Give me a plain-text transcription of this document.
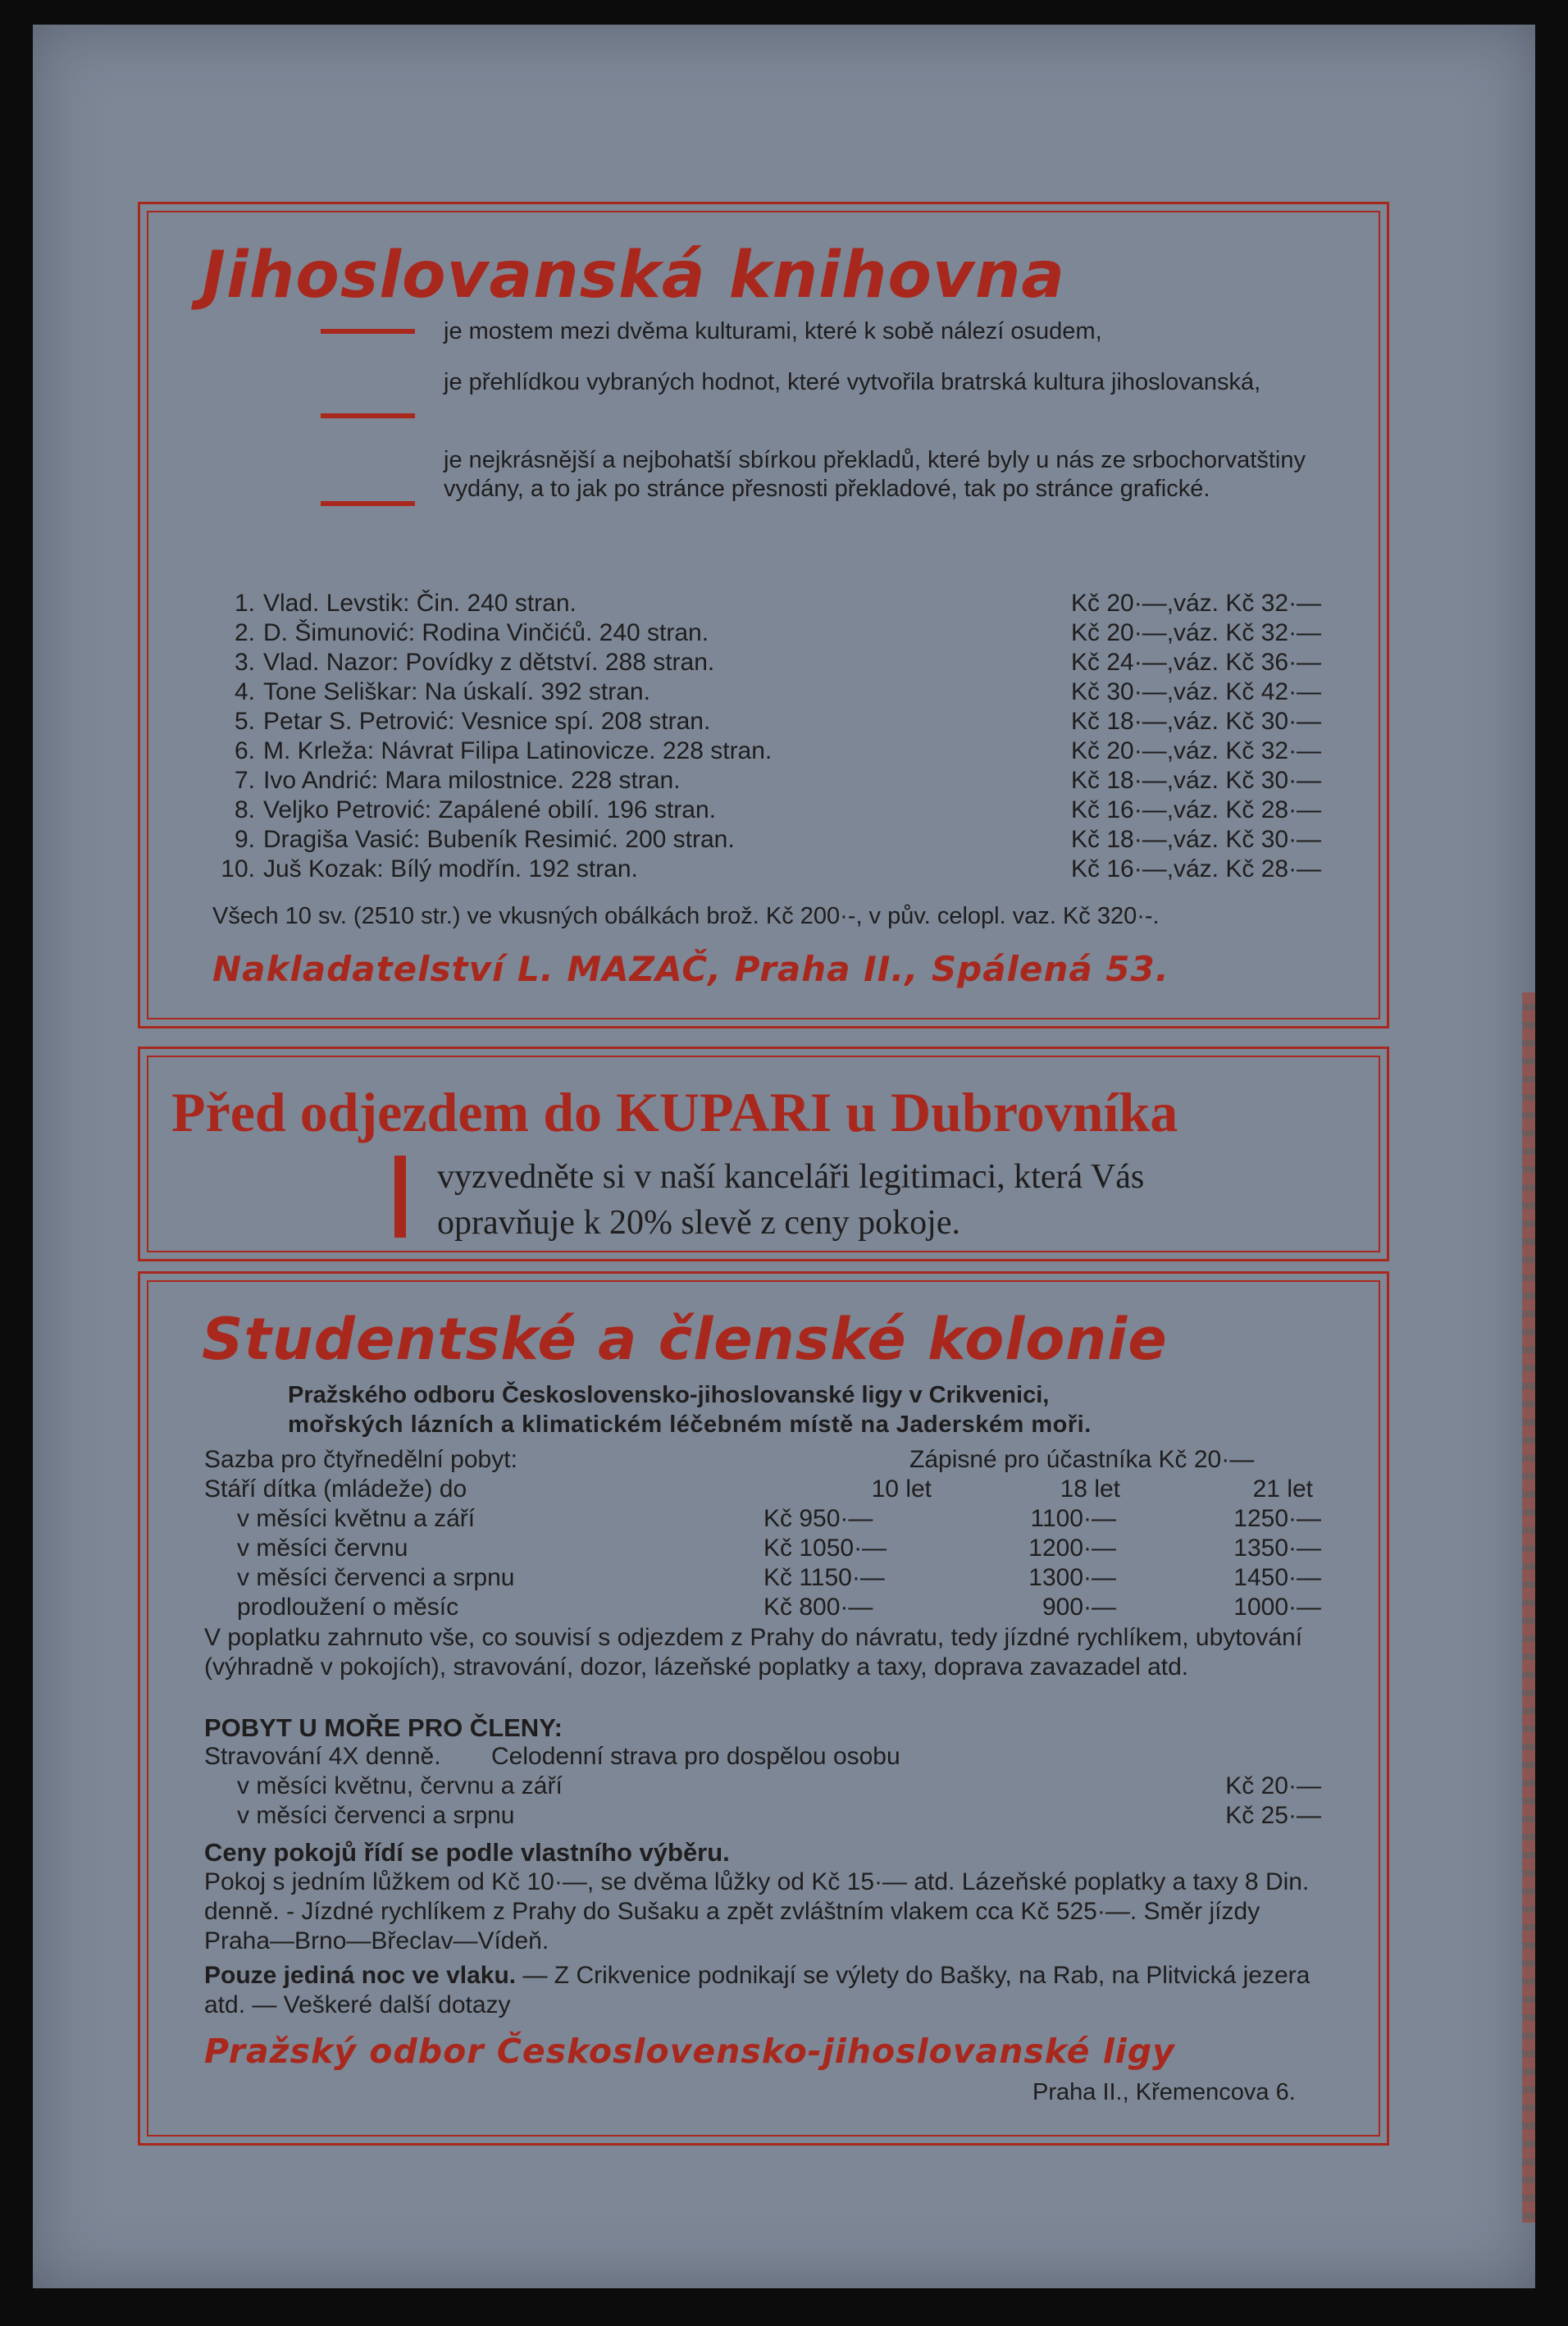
Jihoslovanská knihovna
je mostem mezi dvěma kulturami, které k sobě nálezí osudem,
je přehlídkou vybraných hodnot, které vytvořila bratrská kultura jihoslovanská,
je nejkrásnější a nejbohatší sbírkou překladů, které byly u nás ze srbochorvatštiny vydány, a to jak po stránce přesnosti překladové, tak po stránce grafické.
1. Vlad. Levstik: Čin. 240 stran.	Kč 20·—, váz. Kč 32·—
2. D. Šimunović: Rodina Vinčićů. 240 stran.	Kč 20·—, váz. Kč 32·—
3. Vlad. Nazor: Povídky z dětství. 288 stran.	Kč 24·—, váz. Kč 36·—
4. Tone Seliškar: Na úskalí. 392 stran.	Kč 30·—, váz. Kč 42·—
5. Petar S. Petrović: Vesnice spí. 208 stran.	Kč 18·—, váz. Kč 30·—
6. M. Krleža: Návrat Filipa Latinovicze. 228 stran.	Kč 20·—, váz. Kč 32·—
7. Ivo Andrić: Mara milostnice. 228 stran.	Kč 18·—, váz. Kč 30·—
8. Veljko Petrović: Zapálené obilí. 196 stran.	Kč 16·—, váz. Kč 28·—
9. Dragiša Vasić: Bubeník Resimić. 200 stran.	Kč 18·—, váz. Kč 30·—
10. Juš Kozak: Bílý modřín. 192 stran.	Kč 16·—, váz. Kč 28·—
Všech 10 sv. (2510 str.) ve vkusných obálkách brož. Kč 200·-, v pův. celopl. vaz. Kč 320·-.
Nakladatelství L. MAZAČ, Praha II., Spálená 53.
Před odjezdem do KUPARI u Dubrovníka
vyzvedněte si v naší kanceláři legitimaci, která Vás
opravňuje k 20% slevě z ceny pokoje.
Studentské a členské kolonie
Pražského odboru Československo-jihoslovanské ligy v Crikvenici,
mořských lázních a klimatickém léčebném místě na Jaderském moři.
Sazba pro čtyřnedělní pobyt:	Zápisné pro účastníka Kč 20·—
Stáří dítka (mládeže) do	10 let	18 let	21 let
v měsíci květnu a září	Kč 950·—	1100·—	1250·—
v měsíci červnu	Kč 1050·—	1200·—	1350·—
v měsíci červenci a srpnu	Kč 1150·—	1300·—	1450·—
prodloužení o měsíc	Kč 800·—	900·—	1000·—
V poplatku zahrnuto vše, co souvisí s odjezdem z Prahy do návratu, tedy jízdné rychlíkem, ubytování (výhradně v pokojích), stravování, dozor, lázeňské poplatky a taxy, doprava zavazadel atd.
POBYT U MOŘE PRO ČLENY:
Stravování 4X denně. Celodenní strava pro dospělou osobu
v měsíci květnu, červnu a září	Kč 20·—
v měsíci červenci a srpnu	Kč 25·—
Ceny pokojů řídí se podle vlastního výběru.
Pokoj s jedním lůžkem od Kč 10·—, se dvěma lůžky od Kč 15·— atd. Lázeňské poplatky a taxy 8 Din. denně. - Jízdné rychlíkem z Prahy do Sušaku a zpět zvláštním vlakem cca Kč 525·—. Směr jízdy Praha—Brno—Břeclav—Vídeň.
Pouze jediná noc ve vlaku. — Z Crikvenice podnikají se výlety do Bašky, na Rab, na Plitvická jezera atd. — Veškeré další dotazy
Pražský odbor Československo-jihoslovanské ligy
Praha II., Křemencova 6.
